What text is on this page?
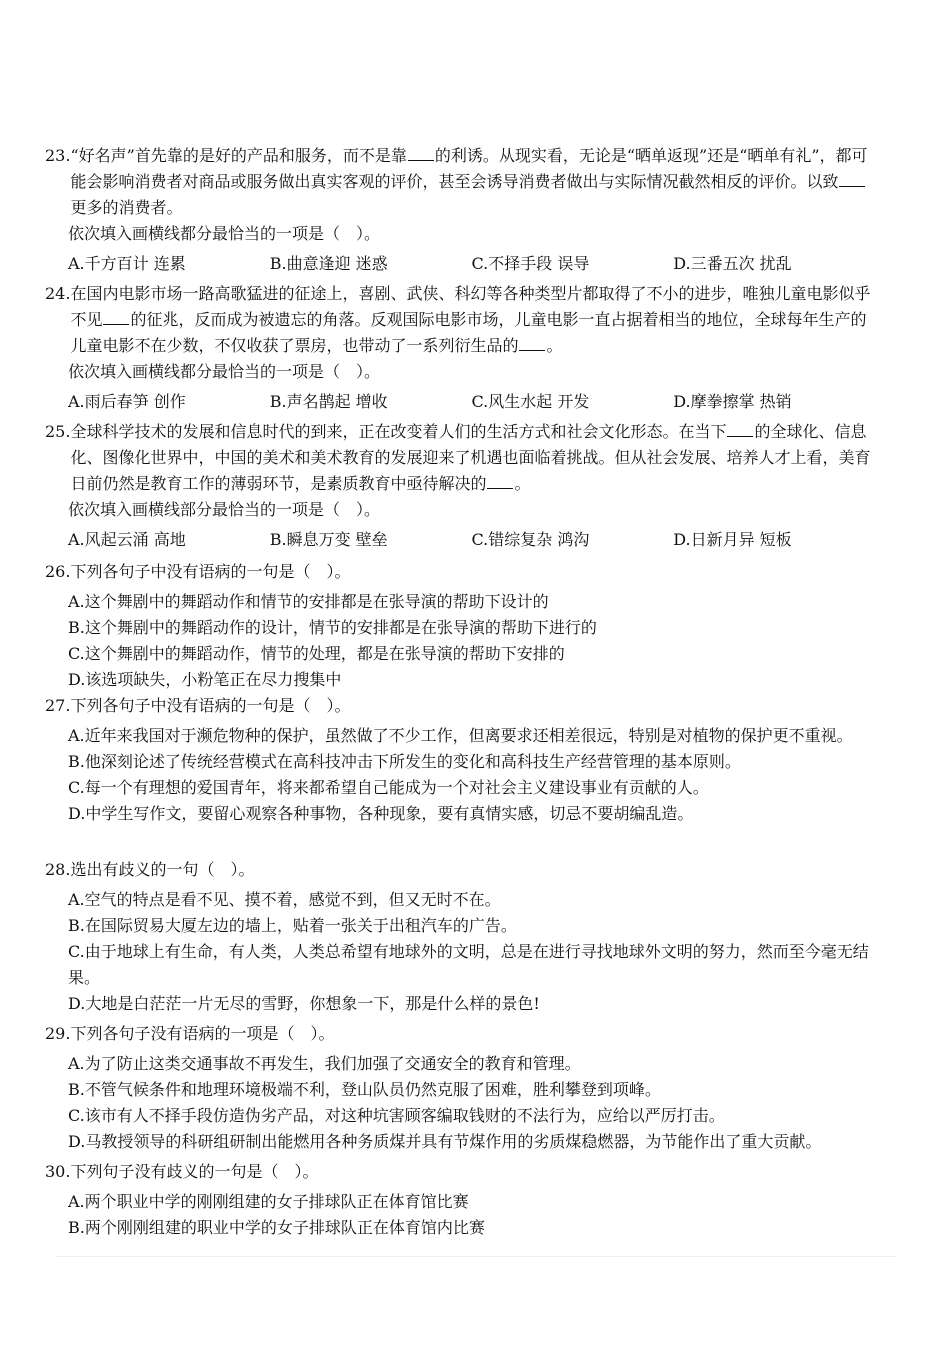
23. “好名声”首先靠的是好的产品和服务，而不是靠 的利诱。从现实看，无论是“晒单返现”还是“晒单有礼”，都可能会影响消费者对商品或服务做出真实客观的评价，甚至会诱导消费者做出与实际情况截然相反的评价。以致更多的消费者。
依次填入画横线都分最恰当的一项是（　）。
A.千方百计 连累	B.曲意逢迎 迷惑	C.不择手段 误导	D.三番五次 扰乱
24. 在国内电影市场一路高歌猛进的征途上，喜剧、武侠、科幻等各种类型片都取得了不小的进步，唯独儿童电影似乎不见 的征兆，反而成为被遗忘的角落。反观国际电影市场，儿童电影一直占据着相当的地位，全球每年生产的儿童电影不在少数，不仅收获了票房，也带动了一系列衍生品的 。
依次填入画横线都分最恰当的一项是（　）。
A.雨后春笋 创作	B.声名鹊起 增收	C.风生水起 开发	D.摩拳擦掌 热销
25. 全球科学技术的发展和信息时代的到来，正在改变着人们的生活方式和社会文化形态。在当下 的全球化、信息化、图像化世界中，中国的美术和美术教育的发展迎来了机遇也面临着挑战。但从社会发展、培养人才上看，美育日前仍然是教育工作的薄弱环节，是素质教育中亟待解决的 。
依次填入画横线部分最恰当的一项是（　）。
A.风起云涌 高地	B.瞬息万变 壁垒	C.错综复杂 鸿沟	D.日新月异 短板
26. 下列各句子中没有语病的一句是（　）。
A.这个舞剧中的舞蹈动作和情节的安排都是在张导演的帮助下设计的
B.这个舞剧中的舞蹈动作的设计，情节的安排都是在张导演的帮助下进行的
C.这个舞剧中的舞蹈动作，情节的处理，都是在张导演的帮助下安排的
D.该选项缺失，小粉笔正在尽力搜集中
27. 下列各句子中没有语病的一句是（　）。
A.近年来我国对于濒危物种的保护，虽然做了不少工作，但离要求还相差很远，特别是对植物的保护更不重视。
B.他深刻论述了传统经营模式在高科技冲击下所发生的变化和高科技生产经营管理的基本原则。
C.每一个有理想的爱国青年，将来都希望自己能成为一个对社会主义建设事业有贡献的人。
D.中学生写作文，要留心观察各种事物，各种现象，要有真情实感，切忌不要胡编乱造。
28. 选出有歧义的一句（　）。
A.空气的特点是看不见、摸不着，感觉不到，但又无时不在。
B.在国际贸易大厦左边的墙上，贴着一张关于出租汽车的广告。
C.由于地球上有生命，有人类，人类总希望有地球外的文明，总是在进行寻找地球外文明的努力，然而至今毫无结果。
D.大地是白茫茫一片无尽的雪野，你想象一下，那是什么样的景色!
29. 下列各句子没有语病的一项是（　）。
A.为了防止这类交通事故不再发生，我们加强了交通安全的教育和管理。
B.不管气候条件和地理环境极端不利，登山队员仍然克服了困难，胜利攀登到项峰。
C.该市有人不择手段仿造伪劣产品，对这种坑害顾客编取钱财的不法行为，应给以严厉打击。
D.马教授领导的科研组研制出能燃用各种务质煤并具有节煤作用的劣质煤稳燃器，为节能作出了重大贡献。
30. 下列句子没有歧义的一句是（　）。
A.两个职业中学的刚刚组建的女子排球队正在体育馆比赛
B.两个刚刚组建的职业中学的女子排球队正在体育馆内比赛
